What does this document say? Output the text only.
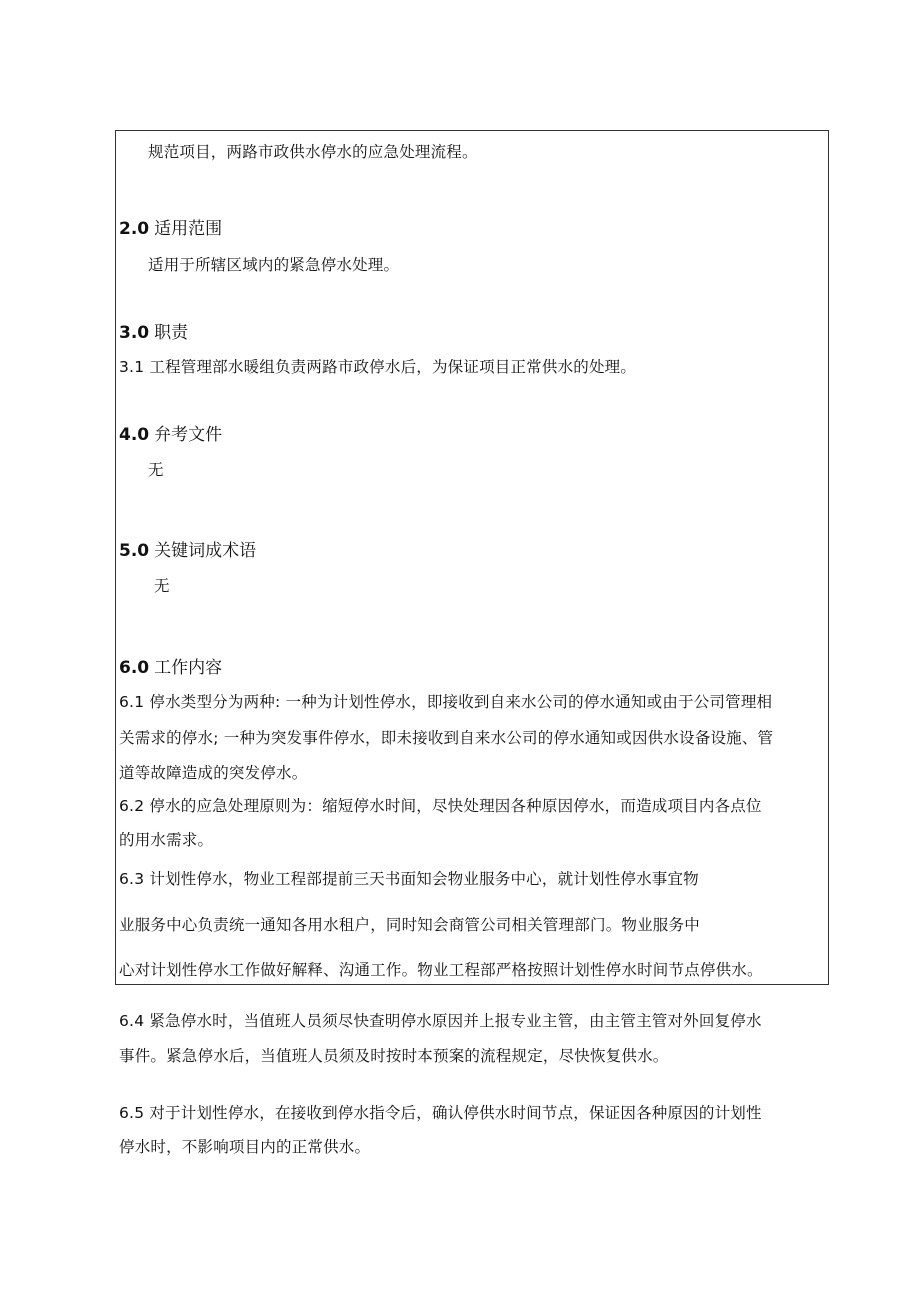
规范项目，两路市政供水停水的应急处理流程。
2.0 适用范围
适用于所辖区域内的紧急停水处理。
3.0 职责
3.1 工程管理部水暖组负责两路市政停水后，为保证项目正常供水的处理。
4.0 弁考文件
无
5.0 关键词成术语
无
6.0 工作内容
6.1 停水类型分为两种: 一种为计划性停水，即接收到自来水公司的停水通知或由于公司管理相
关需求的停水; 一种为突发事件停水，即未接收到自来水公司的停水通知或因供水设备设施、管
道等故障造成的突发停水。
6.2 停水的应急处理原则为：缩短停水时间，尽快处理因各种原因停水，而造成项目内各点位
的用水需求。
6.3 计划性停水，物业工程部提前三天书面知会物业服务中心，就计划性停水事宜物
业服务中心负责统一通知各用水租户，同时知会商管公司相关管理部门。物业服务中
心对计划性停水工作做好解释、沟通工作。物业工程部严格按照计划性停水时间节点停供水。
6.4 紧急停水时，当值班人员须尽快查明停水原因并上报专业主管，由主管主管对外回复停水
事件。紧急停水后，当值班人员须及时按时本预案的流程规定，尽快恢复供水。
6.5 对于计划性停水，在接收到停水指令后，确认停供水时间节点，保证因各种原因的计划性
停水时，不影响项目内的正常供水。
